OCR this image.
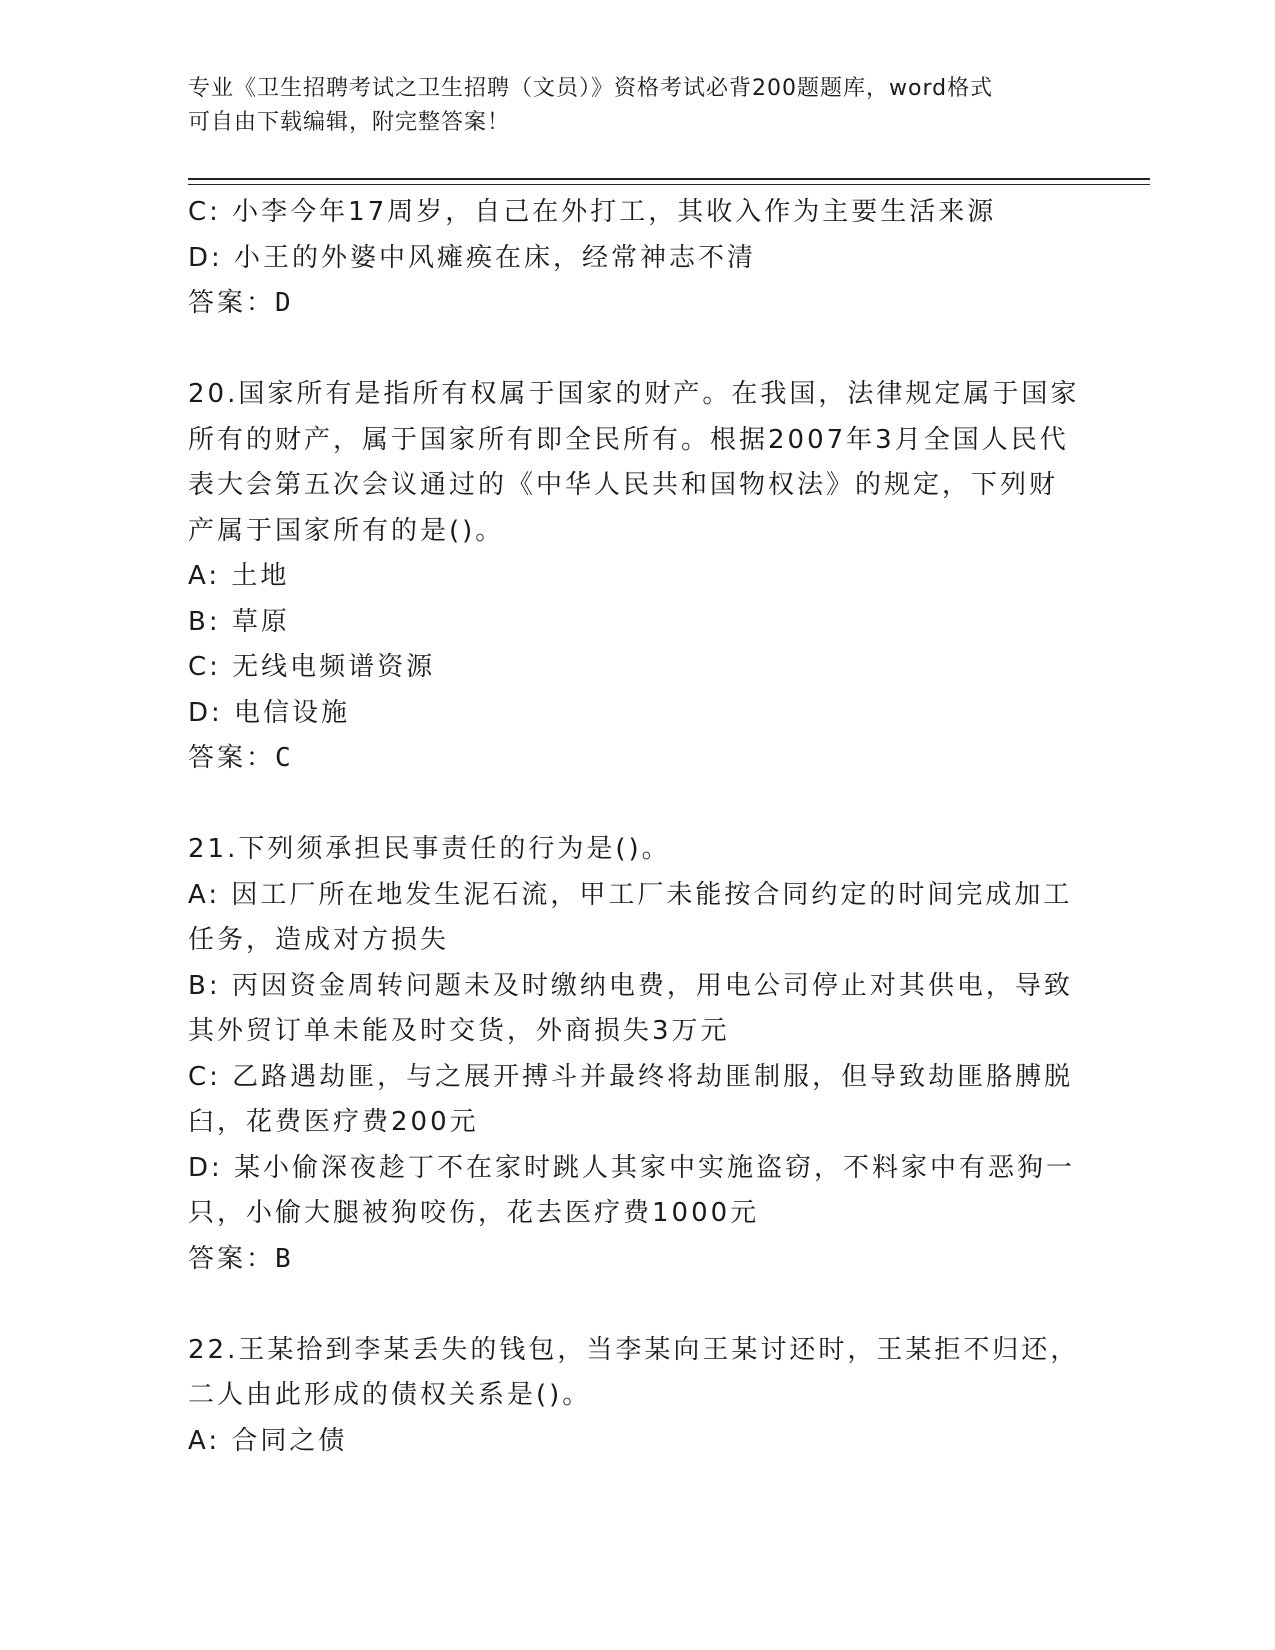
专业《卫生招聘考试之卫生招聘（文员）》资格考试必背200题题库，word格式
可自由下载编辑，附完整答案！
C: 小李今年17周岁，自己在外打工，其收入作为主要生活来源
D: 小王的外婆中风瘫痪在床，经常神志不清
答案：D
20.国家所有是指所有权属于国家的财产。在我国，法律规定属于国家
所有的财产，属于国家所有即全民所有。根据2007年3月全国人民代
表大会第五次会议通过的《中华人民共和国物权法》的规定，下列财
产属于国家所有的是()。
A: 土地
B: 草原
C: 无线电频谱资源
D: 电信设施
答案：C
21.下列须承担民事责任的行为是()。
A: 因工厂所在地发生泥石流，甲工厂未能按合同约定的时间完成加工
任务，造成对方损失
B: 丙因资金周转问题未及时缴纳电费，用电公司停止对其供电，导致
其外贸订单未能及时交货，外商损失3万元
C: 乙路遇劫匪，与之展开搏斗并最终将劫匪制服，但导致劫匪胳膊脱
臼，花费医疗费200元
D: 某小偷深夜趁丁不在家时跳人其家中实施盗窃，不料家中有恶狗一
只，小偷大腿被狗咬伤，花去医疗费1000元
答案：B
22.王某拾到李某丢失的钱包，当李某向王某讨还时，王某拒不归还，
二人由此形成的债权关系是()。
A: 合同之债
